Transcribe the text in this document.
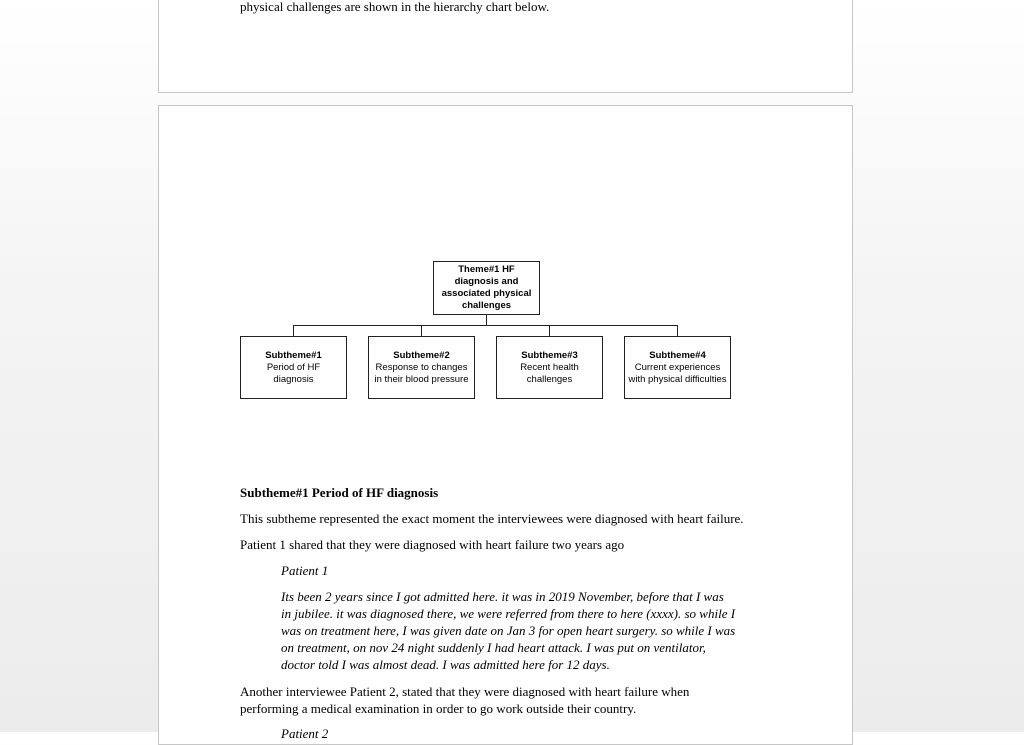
physical challenges are shown in the hierarchy chart below.
Theme#1 HF diagnosis and associated physical challenges
Subtheme#1
Period of HF diagnosis
Subtheme#2
Response to changes in their blood pressure
Subtheme#3
Recent health challenges
Subtheme#4
Current experiences with physical difficulties
Subtheme#1 Period of HF diagnosis
This subtheme represented the exact moment the interviewees were diagnosed with heart failure.
Patient 1 shared that they were diagnosed with heart failure two years ago
Patient 1
Its been 2 years since I got admitted here. it was in 2019 November, before that I was
in jubilee. it was diagnosed there, we were referred from there to here (xxxx). so while I
was on treatment here, I was given date on Jan 3 for open heart surgery. so while I was
on treatment, on nov 24 night suddenly I had heart attack. I was put on ventilator,
doctor told I was almost dead. I was admitted here for 12 days.
Another interviewee Patient 2, stated that they were diagnosed with heart failure when
performing a medical examination in order to go work outside their country.
Patient 2
